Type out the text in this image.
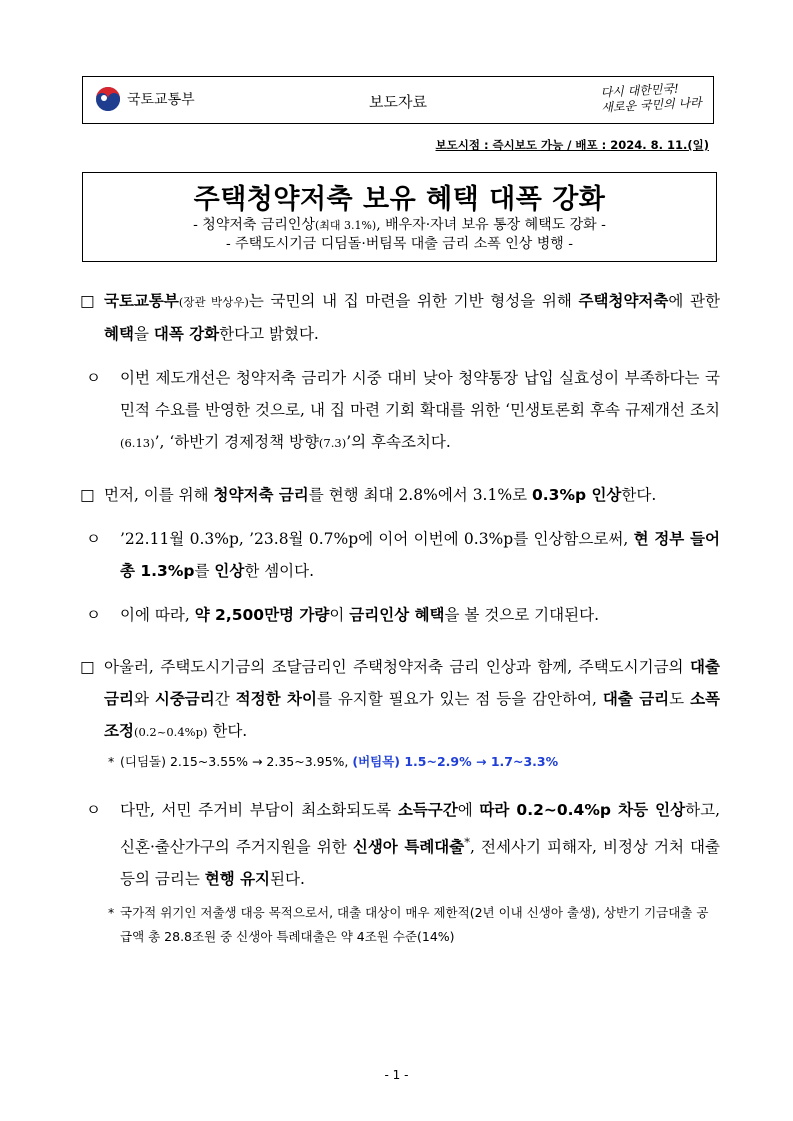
국토교통부	보도자료
다시 대한민국!
새로운 국민의 나라
보도시점 : 즉시보도 가능 / 배포 : 2024. 8. 11.(일)
주택청약저축 보유 혜택 대폭 강화
- 청약저축 금리인상(최대 3.1%), 배우자·자녀 보유 통장 혜택도 강화 -
- 주택도시기금 디딤돌·버팀목 대출 금리 소폭 인상 병행 -
□ 국토교통부(장관 박상우)는 국민의 내 집 마련을 위한 기반 형성을 위해 주택청약저축에 관한 혜택을 대폭 강화한다고 밝혔다.
ㅇ 이번 제도개선은 청약저축 금리가 시중 대비 낮아 청약통장 납입 실효성이 부족하다는 국민적 수요를 반영한 것으로, 내 집 마련 기회 확대를 위한 ‘민생토론회 후속 규제개선 조치(6.13)’, ‘하반기 경제정책 방향(7.3)’의 후속조치다.
□ 먼저, 이를 위해 청약저축 금리를 현행 최대 2.8%에서 3.1%로 0.3%p 인상한다.
ㅇ ’22.11월 0.3%p, ’23.8월 0.7%p에 이어 이번에 0.3%p를 인상함으로써, 현 정부 들어 총 1.3%p를 인상한 셈이다.
ㅇ 이에 따라, 약 2,500만명 가량이 금리인상 혜택을 볼 것으로 기대된다.
□ 아울러, 주택도시기금의 조달금리인 주택청약저축 금리 인상과 함께, 주택도시기금의 대출 금리와 시중금리간 적정한 차이를 유지할 필요가 있는 점 등을 감안하여, 대출 금리도 소폭 조정(0.2~0.4%p) 한다.
* (디딤돌) 2.15~3.55% → 2.35~3.95%, (버팀목) 1.5~2.9% → 1.7~3.3%
ㅇ 다만, 서민 주거비 부담이 최소화되도록 소득구간에 따라 0.2~0.4%p 차등 인상하고, 신혼·출산가구의 주거지원을 위한 신생아 특례대출*, 전세사기 피해자, 비정상 거처 대출 등의 금리는 현행 유지된다.
* 국가적 위기인 저출생 대응 목적으로서, 대출 대상이 매우 제한적(2년 이내 신생아 출생), 상반기 기금대출 공급액 총 28.8조원 중 신생아 특례대출은 약 4조원 수준(14%)
- 1 -
